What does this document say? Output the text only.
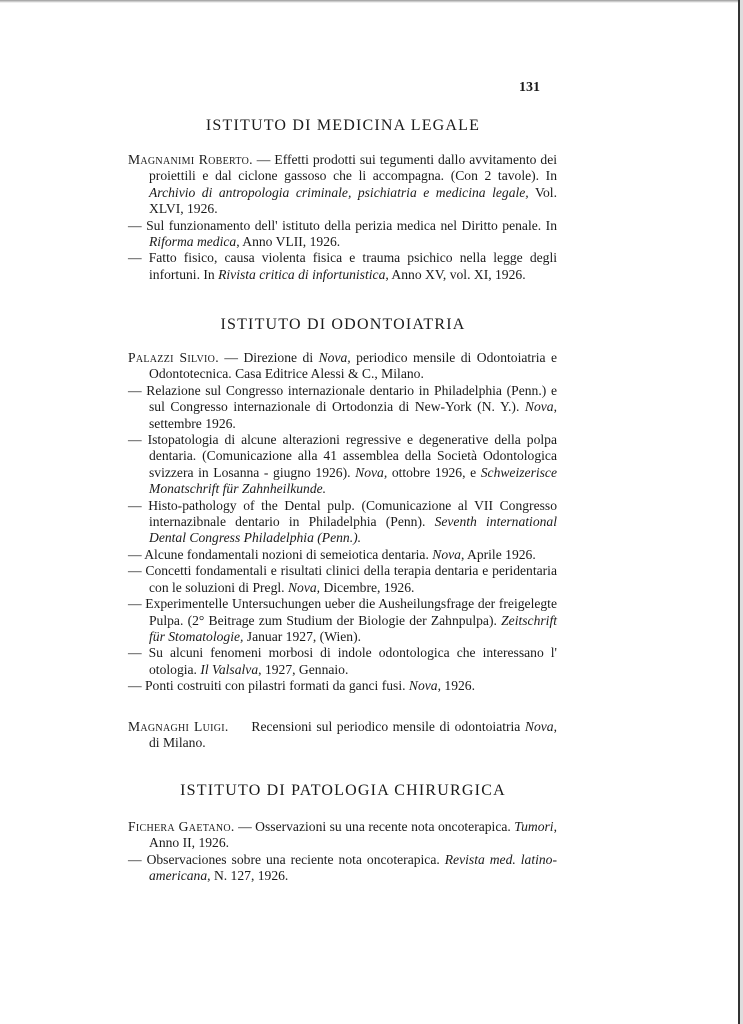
131
ISTITUTO DI MEDICINA LEGALE

Magnanimi Roberto. — Effetti prodotti sui tegumenti dallo avvitamento dei proiettili e dal ciclone gassoso che li accompagna. (Con 2 tavole). In Archivio di antropologia criminale, psichiatria e medicina legale, Vol. XLVI, 1926.

— Sul funzionamento dell' istituto della perizia medica nel Diritto penale. In Riforma medica, Anno VLII, 1926.

— Fatto fisico, causa violenta fisica e trauma psichico nella legge degli infortuni. In Rivista critica di infortunistica, Anno XV, vol. XI, 1926.

ISTITUTO DI ODONTOIATRIA

Palazzi Silvio. — Direzione di Nova, periodico mensile di Odontoiatria e Odontotecnica. Casa Editrice Alessi & C., Milano.

— Relazione sul Congresso internazionale dentario in Philadelphia (Penn.) e sul Congresso internazionale di Ortodonzia di New-York (N. Y.). Nova, settembre 1926.

— Istopatologia di alcune alterazioni regressive e degenerative della polpa dentaria. (Comunicazione alla 41 assemblea della Società Odontologica svizzera in Losanna - giugno 1926). Nova, ottobre 1926, e Schweizerisce Monatschrift für Zahnheilkunde.

— Histo-pathology of the Dental pulp. (Comunicazione al VII Congresso internazibnale dentario in Philadelphia (Penn). Seventh international Dental Congress Philadelphia (Penn.).

— Alcune fondamentali nozioni di semeiotica dentaria. Nova, Aprile 1926.

— Concetti fondamentali e risultati clinici della terapia dentaria e peridentaria con le soluzioni di Pregl. Nova, Dicembre, 1926.

— Experimentelle Untersuchungen ueber die Ausheilungsfrage der freigelegte Pulpa. (2° Beitrage zum Studium der Biologie der Zahnpulpa). Zeitschrift für Stomatologie, Januar 1927, (Wien).

— Su alcuni fenomeni morbosi di indole odontologica che interessano l' otologia. Il Valsalva, 1927, Gennaio.

— Ponti costruiti con pilastri formati da ganci fusi. Nova, 1926.

Magnaghi Luigi.     Recensioni sul periodico mensile di odontoiatria Nova, di Milano.

ISTITUTO DI PATOLOGIA CHIRURGICA

Fichera Gaetano. — Osservazioni su una recente nota oncoterapica. Tumori, Anno II, 1926.

— Observaciones sobre una reciente nota oncoterapica. Revista med. latino-americana, N. 127, 1926.
